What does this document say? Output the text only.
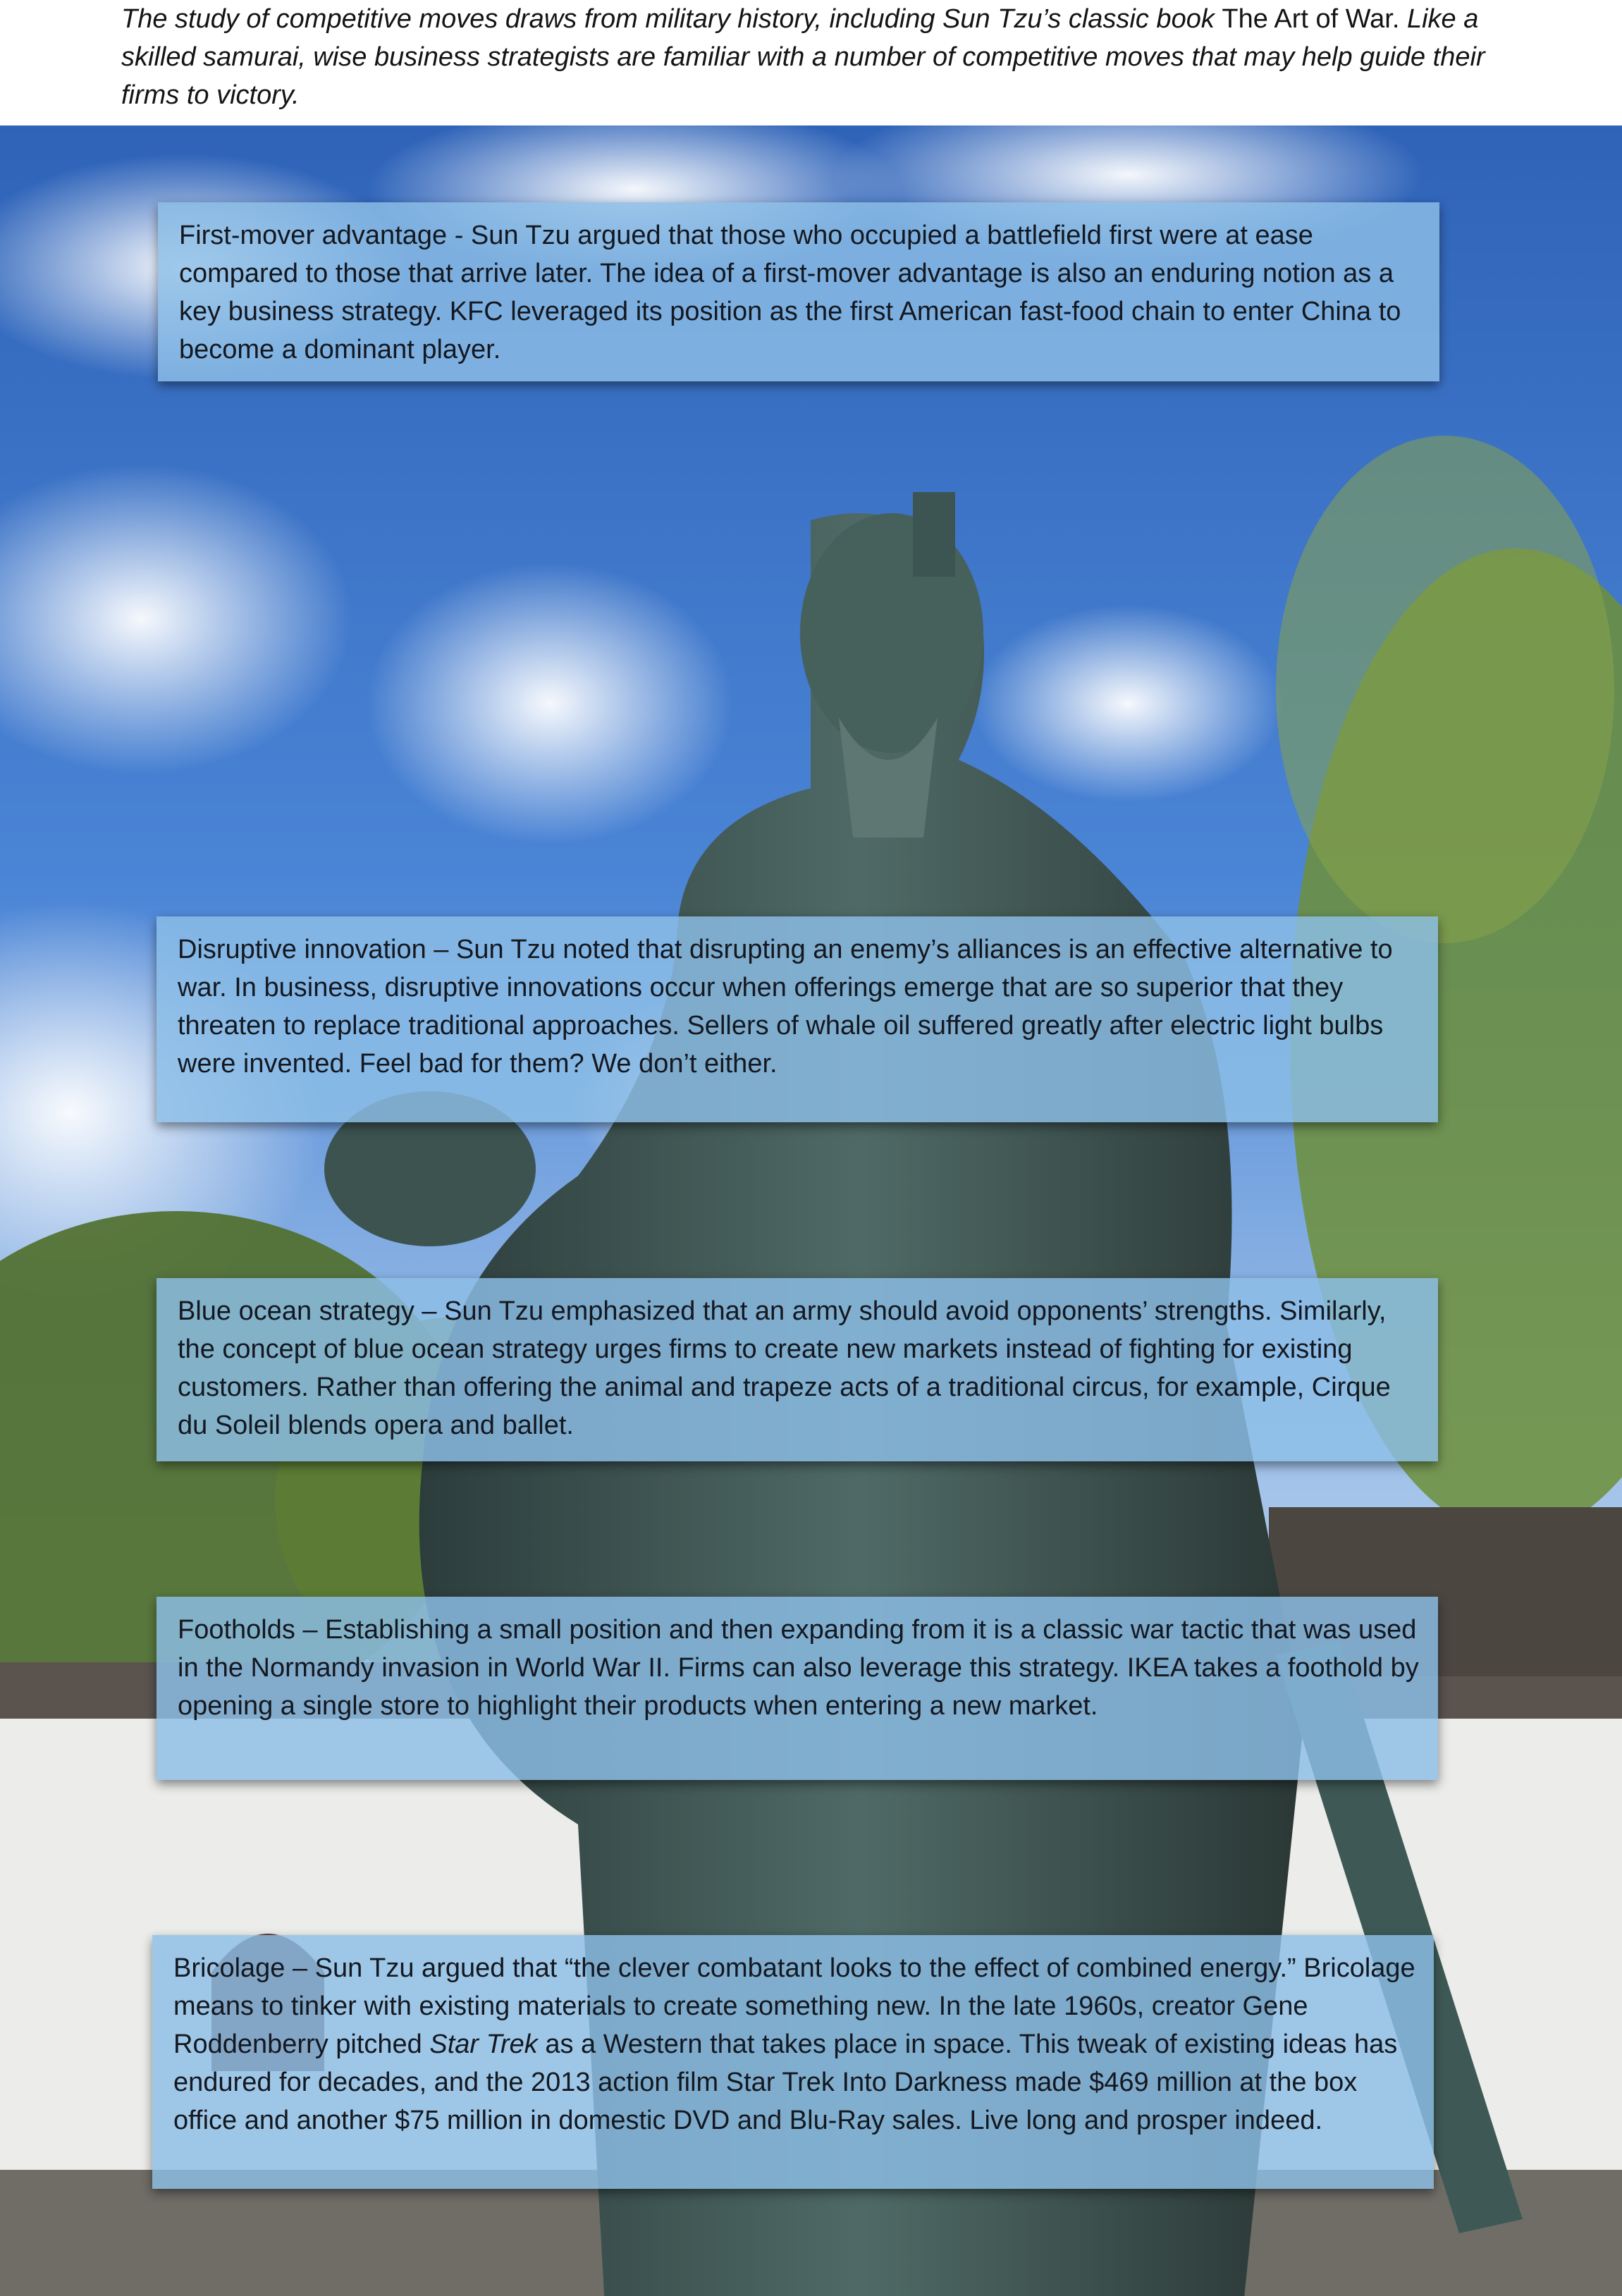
The study of competitive moves draws from military history, including Sun Tzu’s classic book The Art of War. Like a skilled samurai, wise business strategists are familiar with a number of competitive moves that may help guide their firms to victory.

First-mover advantage - Sun Tzu argued that those who occupied a battlefield first were at ease compared to those that arrive later. The idea of a first-mover advantage is also an enduring notion as a key business strategy. KFC leveraged its position as the first American fast-food chain to enter China to become a dominant player.

Disruptive innovation – Sun Tzu noted that disrupting an enemy’s alliances is an effective alternative to war. In business, disruptive innovations occur when offerings emerge that are so superior that they threaten to replace traditional approaches. Sellers of whale oil suffered greatly after electric light bulbs were invented. Feel bad for them? We don’t either.

Blue ocean strategy – Sun Tzu emphasized that an army should avoid opponents’ strengths. Similarly, the concept of blue ocean strategy urges firms to create new markets instead of fighting for existing customers. Rather than offering the animal and trapeze acts of a traditional circus, for example, Cirque du Soleil blends opera and ballet.

Footholds – Establishing a small position and then expanding from it is a classic war tactic that was used in the Normandy invasion in World War II. Firms can also leverage this strategy. IKEA takes a foothold by opening a single store to highlight their products when entering a new market.

Bricolage – Sun Tzu argued that “the clever combatant looks to the effect of combined energy.” Bricolage means to tinker with existing materials to create something new. In the late 1960s, creator Gene Roddenberry pitched Star Trek as a Western that takes place in space. This tweak of existing ideas has endured for decades, and the 2013 action film Star Trek Into Darkness made $469 million at the box office and another $75 million in domestic DVD and Blu-Ray sales. Live long and prosper indeed.
